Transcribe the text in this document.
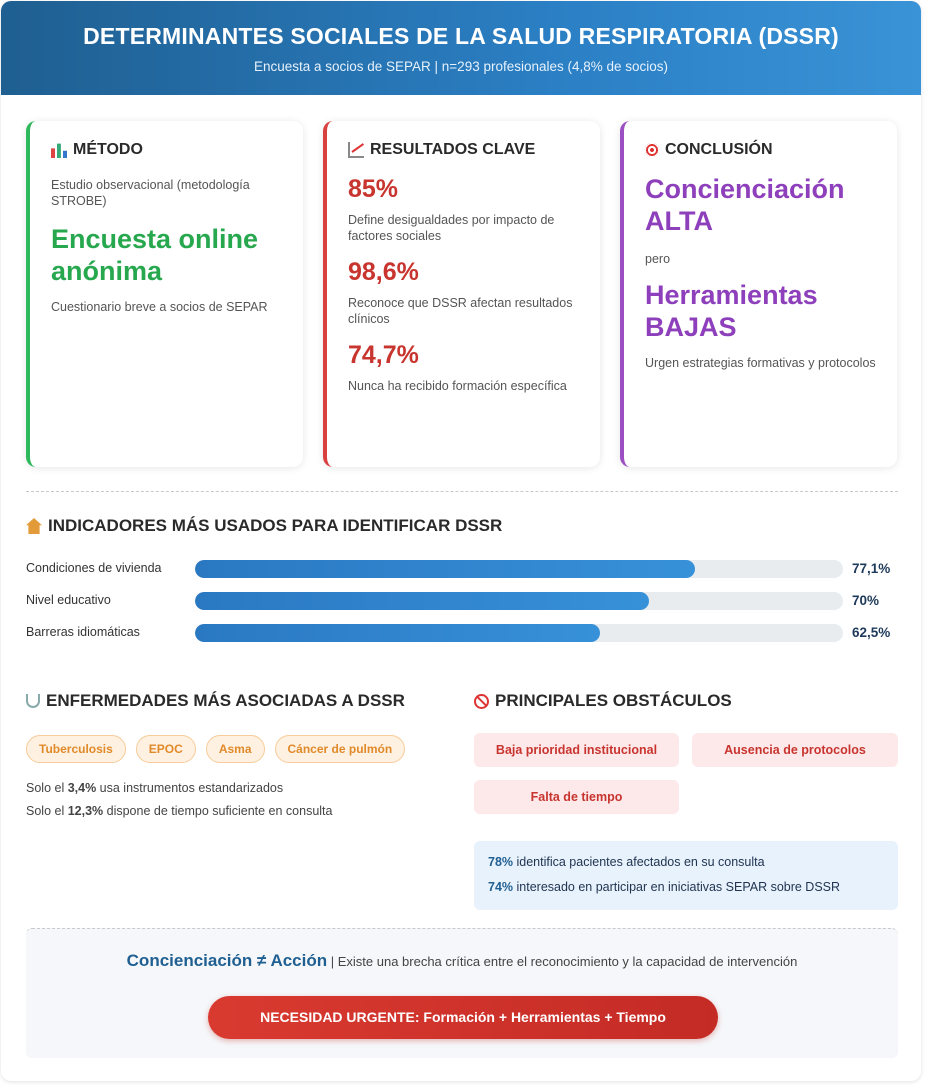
DETERMINANTES SOCIALES DE LA SALUD RESPIRATORIA (DSSR)
Encuesta a socios de SEPAR | n=293 profesionales (4,8% de socios)
MÉTODO
Estudio observacional (metodología STROBE)
Encuesta online anónima
Cuestionario breve a socios de SEPAR
RESULTADOS CLAVE
85%
Define desigualdades por impacto de factores sociales
98,6%
Reconoce que DSSR afectan resultados clínicos
74,7%
Nunca ha recibido formación específica
CONCLUSIÓN
Concienciación ALTA
pero
Herramientas BAJAS
Urgen estrategias formativas y protocolos
INDICADORES MÁS USADOS PARA IDENTIFICAR DSSR
Condiciones de vivienda	77,1%
Nivel educativo	70%
Barreras idiomáticas	62,5%
ENFERMEDADES MÁS ASOCIADAS A DSSR
Tuberculosis	EPOC	Asma	Cáncer de pulmón
Solo el 3,4% usa instrumentos estandarizados
Solo el 12,3% dispone de tiempo suficiente en consulta
PRINCIPALES OBSTÁCULOS
Baja prioridad institucional	Ausencia de protocolos
Falta de tiempo
78% identifica pacientes afectados en su consulta
74% interesado en participar en iniciativas SEPAR sobre DSSR
Concienciación ≠ Acción | Existe una brecha crítica entre el reconocimiento y la capacidad de intervención
NECESIDAD URGENTE: Formación + Herramientas + Tiempo
